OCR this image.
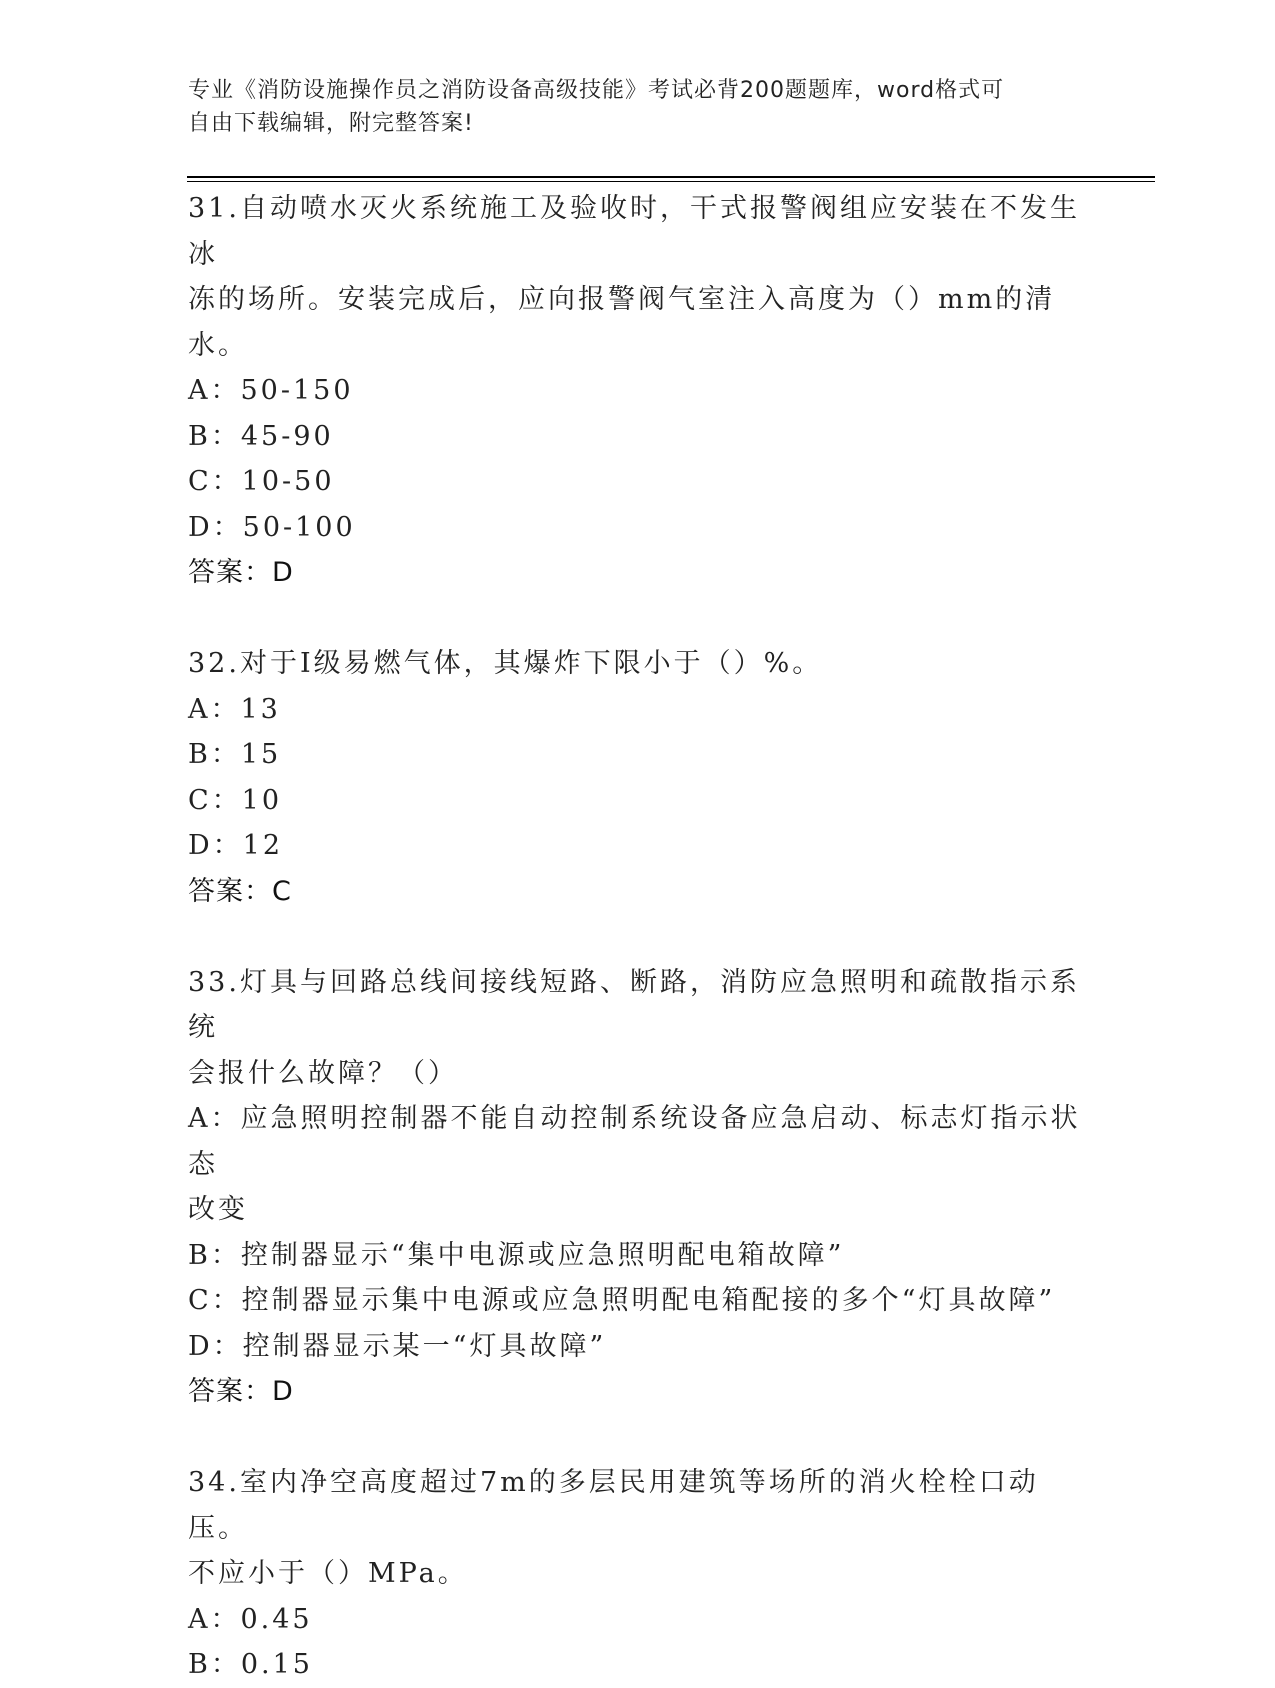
专业《消防设施操作员之消防设备高级技能》考试必背200题题库，word格式可
自由下载编辑，附完整答案!
31.自动喷水灭火系统施工及验收时，干式报警阀组应安装在不发生冰
冻的场所。安装完成后，应向报警阀气室注入高度为（）mm的清水。
A：50-150
B：45-90
C：10-50
D：50-100
答案：D
32.对于Ⅰ级易燃气体，其爆炸下限小于（）%。
A：13
B：15
C：10
D：12
答案：C
33.灯具与回路总线间接线短路、断路，消防应急照明和疏散指示系统
会报什么故障？（）
A：应急照明控制器不能自动控制系统设备应急启动、标志灯指示状态
改变
B：控制器显示“集中电源或应急照明配电箱故障”
C：控制器显示集中电源或应急照明配电箱配接的多个“灯具故障”
D：控制器显示某一“灯具故障”
答案：D
34.室内净空高度超过7m的多层民用建筑等场所的消火栓栓口动压。
不应小于（）MPa。
A：0.45
B：0.15
